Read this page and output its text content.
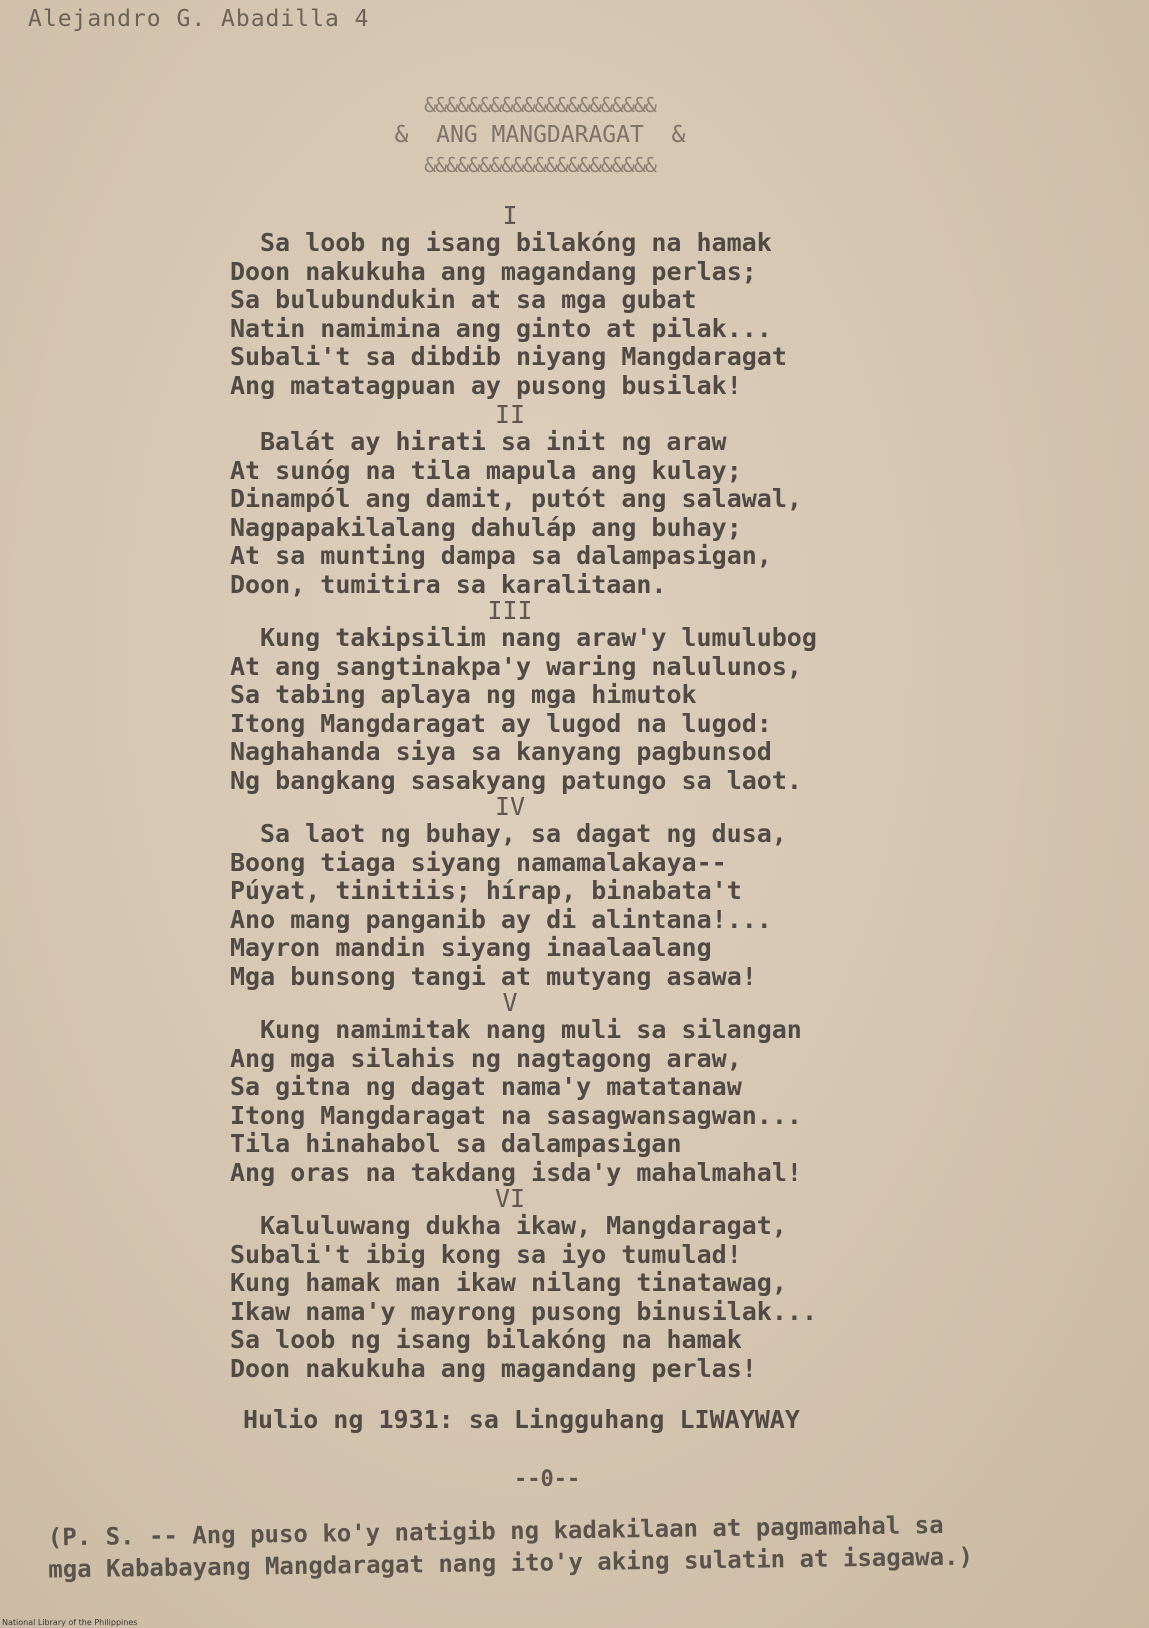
Alejandro G. Abadilla 4
&&&&&&&&&&&&&&&&&&&&&
&  ANG MANGDARAGAT  &
&&&&&&&&&&&&&&&&&&&&&
I
Sa loob ng isang bilakóng na hamak
Doon nakukuha ang magandang perlas;
Sa bulubundukin at sa mga gubat
Natin namimina ang ginto at pilak...
Subali't sa dibdib niyang Mangdaragat
Ang matatagpuan ay pusong busilak!
II
Balát ay hirati sa init ng araw
At sunóg na tila mapula ang kulay;
Dinampól ang damit, putót ang salawal,
Nagpapakilalang dahuláp ang buhay;
At sa munting dampa sa dalampasigan,
Doon, tumitira sa karalitaan.
III
Kung takipsilim nang araw'y lumulubog
At ang sangtinakpa'y waring nalulunos,
Sa tabing aplaya ng mga himutok
Itong Mangdaragat ay lugod na lugod:
Naghahanda siya sa kanyang pagbunsod
Ng bangkang sasakyang patungo sa laot.
IV
Sa laot ng buhay, sa dagat ng dusa,
Boong tiaga siyang namamalakaya--
Púyat, tinitiis; hírap, binabata't
Ano mang panganib ay di alintana!...
Mayron mandin siyang inaalaalang
Mga bunsong tangi at mutyang asawa!
V
Kung namimitak nang muli sa silangan
Ang mga silahis ng nagtagong araw,
Sa gitna ng dagat nama'y matatanaw
Itong Mangdaragat na sasagwansagwan...
Tila hinahabol sa dalampasigan
Ang oras na takdang isda'y mahalmahal!
VI
Kaluluwang dukha ikaw, Mangdaragat,
Subali't ibig kong sa iyo tumulad!
Kung hamak man ikaw nilang tinatawag,
Ikaw nama'y mayrong pusong binusilak...
Sa loob ng isang bilakóng na hamak
Doon nakukuha ang magandang perlas!
Hulio ng 1931: sa Lingguhang LIWAYWAY
--0--
(P. S. -- Ang puso ko'y natigib ng kadakilaan at pagmamahal sa
mga Kababayang Mangdaragat nang ito'y aking sulatin at isagawa.)
National Library of the Philippines
